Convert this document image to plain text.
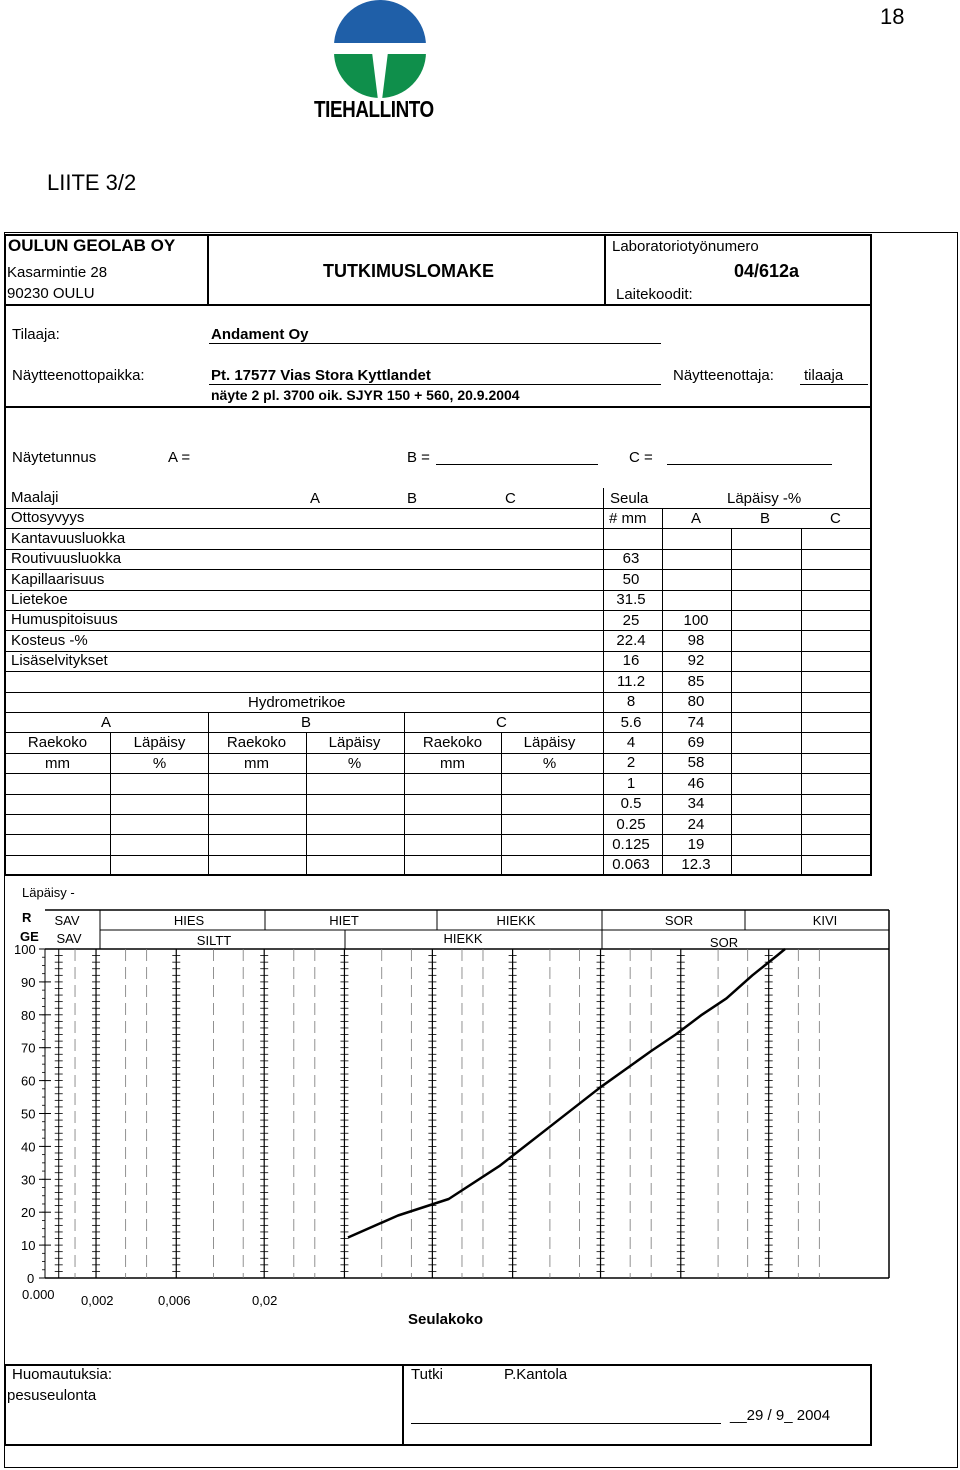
18
TIEHALLINTO
LIITE 3/2
OULUN GEOLAB OY
Kasarmintie 28
90230 OULU
TUTKIMUSLOMAKE
Laboratoriotyönumero
04/612a
Laitekoodit:
Tilaaja:	Andament Oy
Näytteenottopaikka:	Pt. 17577 Vias Stora Kyttlandet
näyte 2 pl. 3700 oik. SJYR 150 + 560, 20.9.2004
Näytteenottaja: tilaaja
Näytetunnus	A =	B =	C =
Maalaji
Ottosyvyys
Kantavuusluokka
Routivuusluokka
Kapillaarisuus
Lietekoe
Humuspitoisuus
Kosteus -%
Lisäselvitykset
A	B	C	Seula	Läpäisy -%
# mm	A	B	C
63
50
31.5
25	100
22.4	98
16	92
11.2	85
8	80
5.6	74
4	69
2	58
1	46
0.5	34
0.25	24
0.125	19
0.063	12.3
Hydrometrikoe
A	B	C
Raekoko	Läpäisy	Raekoko	Läpäisy	Raekoko	Läpäisy
mm	%	mm	%	mm	%
Läpäisy -
R
GE
SAV	HIES	HIET	HIEKK	SOR	KIVI
SAV	SILTT	HIEKK	SOR
100
90
80
70
60
50
40
30
20
10
0
0.000 0,002	0,006	0,02
Seulakoko
Huomautuksia:
pesuseulonta
Tutki	P.Kantola
__29 / 9_ 2004
